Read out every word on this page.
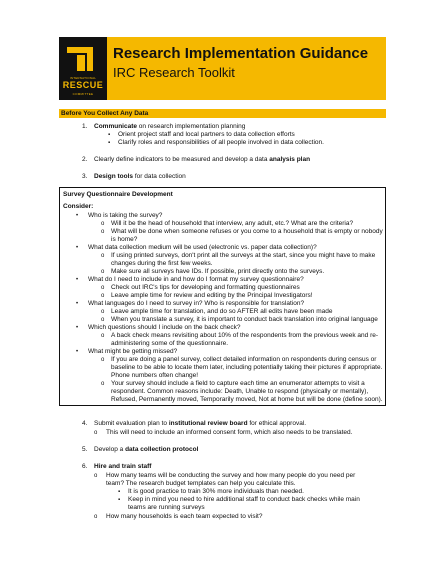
INTERNATIONAL
RESCUE
COMMITTEE
Research Implementation Guidance
IRC Research Toolkit
Before You Collect Any Data
1. Communicate on research implementation planning
▪ Orient project staff and local partners to data collection efforts
▪ Clarify roles and responsibilities of all people involved in data collection.
2. Clearly define indicators to be measured and develop a data analysis plan
3. Design tools for data collection
Survey Questionnaire Development
Consider:
• Who is taking the survey?
o Will it be the head of household that interview, any adult, etc.? What are the criteria?
o What will be done when someone refuses or you come to a household that is empty or nobody
is home?
• What data collection medium will be used (electronic vs. paper data collection)?
o If using printed surveys, don't print all the surveys at the start, since you might have to make
changes during the first few weeks.
o Make sure all surveys have IDs. If possible, print directly onto the surveys.
• What do I need to include in and how do I format my survey questionnaire?
o Check out IRC's tips for developing and formatting questionnaires
o Leave ample time for review and editing by the Principal Investigators!
• What languages do I need to survey in? Who is responsible for translation?
o Leave ample time for translation, and do so AFTER all edits have been made
o When you translate a survey, it is important to conduct back translation into original language
• Which questions should I include on the back check?
o A back check means revisiting about 10% of the respondents from the previous week and re-
administering some of the questionnaire.
• What might be getting missed?
o If you are doing a panel survey, collect detailed information on respondents during census or
baseline to be able to locate them later, including potentially taking their pictures if appropriate.
Phone numbers often change!
o Your survey should include a field to capture each time an enumerator attempts to visit a
respondent. Common reasons include: Death, Unable to respond (physically or mentally),
Refused, Permanently moved, Temporarily moved, Not at home but will be done (define soon).
4. Submit evaluation plan to institutional review board for ethical approval.
o This will need to include an informed consent form, which also needs to be translated.
5. Develop a data collection protocol
6. Hire and train staff
o How many teams will be conducting the survey and how many people do you need per
team? The research budget templates can help you calculate this.
▪ It is good practice to train 30% more individuals than needed.
▪ Keep in mind you need to hire additional staff to conduct back checks while main
teams are running surveys
o How many households is each team expected to visit?
